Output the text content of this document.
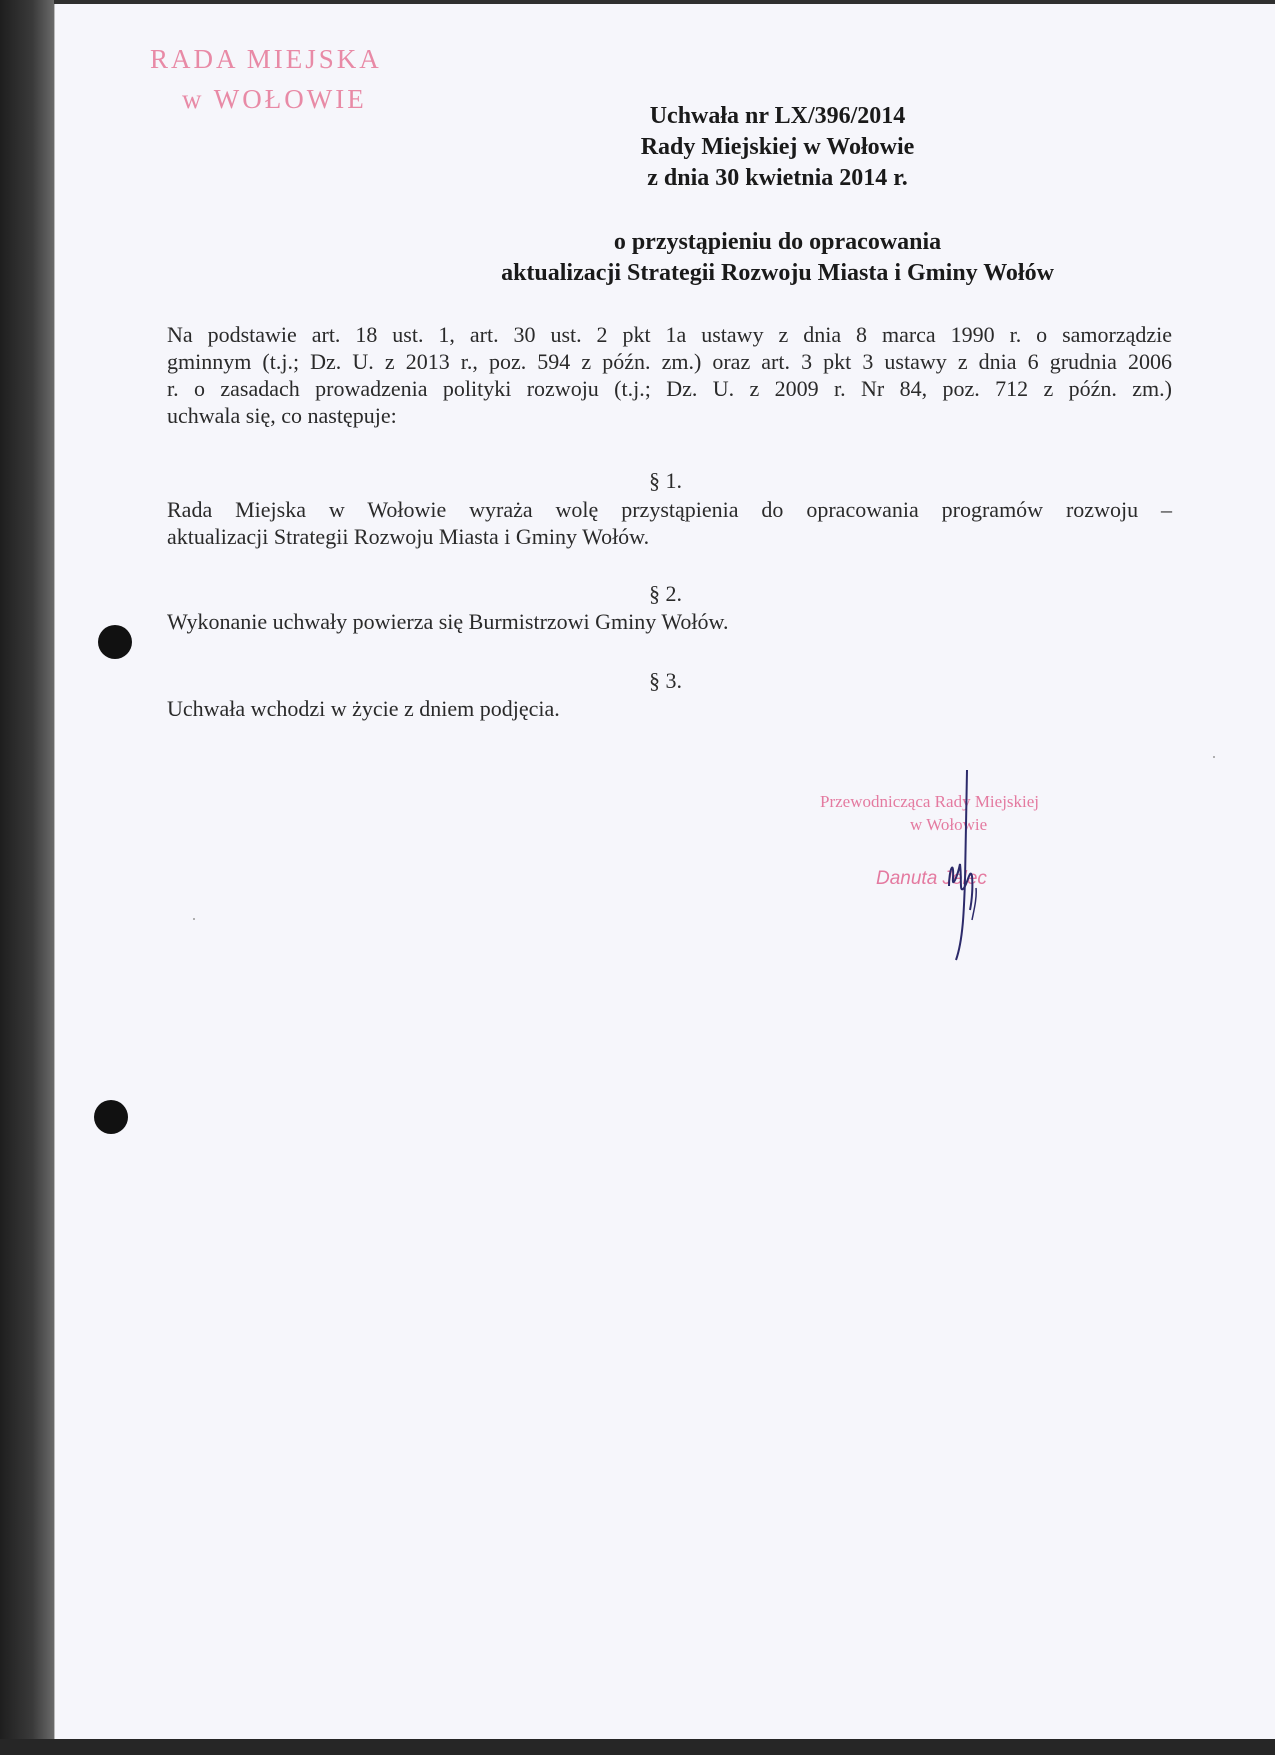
RADA MIEJSKA
w WOŁOWIE
Uchwała nr LX/396/2014
Rady Miejskiej w Wołowie
z dnia 30 kwietnia 2014 r.
o przystąpieniu do opracowania
aktualizacji Strategii Rozwoju Miasta i Gminy Wołów
Na podstawie art. 18 ust. 1, art. 30 ust. 2 pkt 1a ustawy z dnia 8 marca 1990 r. o samorządzie
gminnym (t.j.; Dz. U. z 2013 r., poz. 594 z późn. zm.) oraz art. 3 pkt 3 ustawy z dnia 6 grudnia 2006
r. o zasadach prowadzenia polityki rozwoju (t.j.; Dz. U. z 2009 r. Nr 84, poz. 712 z późn. zm.)
uchwala się, co następuje:
§ 1.
Rada Miejska w Wołowie wyraża wolę przystąpienia do opracowania programów rozwoju –
aktualizacji Strategii Rozwoju Miasta i Gminy Wołów.
§ 2.
Wykonanie uchwały powierza się Burmistrzowi Gminy Wołów.
§ 3.
Uchwała wchodzi w życie z dniem podjęcia.
Przewodnicząca Rady Miejskiej
w Wołowie
Danuta Jelec
